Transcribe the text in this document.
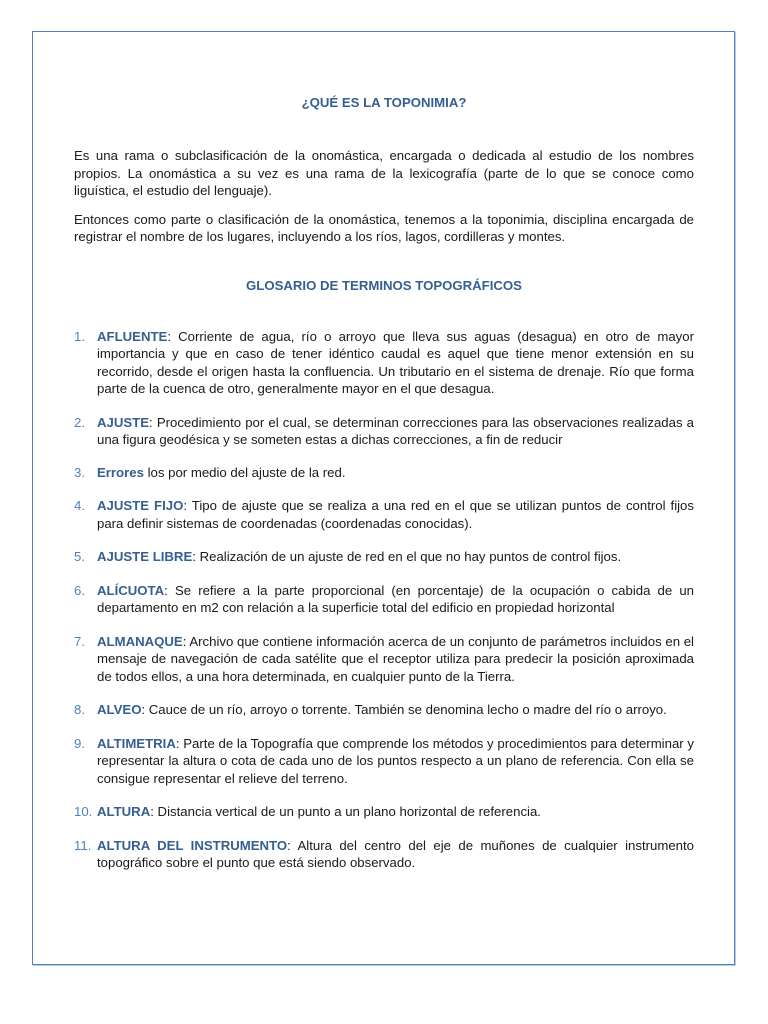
¿QUÉ ES LA TOPONIMIA?

Es una rama o subclasificación de la onomástica, encargada o dedicada al estudio de los nombres propios. La onomástica a su vez es una rama de la lexicografía (parte de lo que se conoce como liguística, el estudio del lenguaje).

Entonces como parte o clasificación de la onomástica, tenemos a la toponimia, disciplina encargada de registrar el nombre de los lugares, incluyendo a los ríos, lagos, cordilleras y montes.

GLOSARIO DE TERMINOS TOPOGRÁFICOS
1. AFLUENTE: Corriente de agua, río o arroyo que lleva sus aguas (desagua) en otro de mayor importancia y que en caso de tener idéntico caudal es aquel que tiene menor extensión en su recorrido, desde el origen hasta la confluencia. Un tributario en el sistema de drenaje. Río que forma parte de la cuenca de otro, generalmente mayor en el que desagua.
2. AJUSTE: Procedimiento por el cual, se determinan correcciones para las observaciones realizadas a una figura geodésica y se someten estas a dichas correcciones, a fin de reducir
3. Errores los por medio del ajuste de la red.
4. AJUSTE FIJO: Tipo de ajuste que se realiza a una red en el que se utilizan puntos de control fijos para definir sistemas de coordenadas (coordenadas conocidas).
5. AJUSTE LIBRE: Realización de un ajuste de red en el que no hay puntos de control fijos.
6. ALÍCUOTA: Se refiere a la parte proporcional (en porcentaje) de la ocupación o cabida de un departamento en m2 con relación a la superficie total del edificio en propiedad horizontal
7. ALMANAQUE: Archivo que contiene información acerca de un conjunto de parámetros incluidos en el mensaje de navegación de cada satélite que el receptor utiliza para predecir la posición aproximada de todos ellos, a una hora determinada, en cualquier punto de la Tierra.
8. ALVEO: Cauce de un río, arroyo o torrente. También se denomina lecho o madre del río o arroyo.
9. ALTIMETRIA: Parte de la Topografía que comprende los métodos y procedimientos para determinar y representar la altura o cota de cada uno de los puntos respecto a un plano de referencia. Con ella se consigue representar el relieve del terreno.
10. ALTURA: Distancia vertical de un punto a un plano horizontal de referencia.
11. ALTURA DEL INSTRUMENTO: Altura del centro del eje de muñones de cualquier instrumento topográfico sobre el punto que está siendo observado.
